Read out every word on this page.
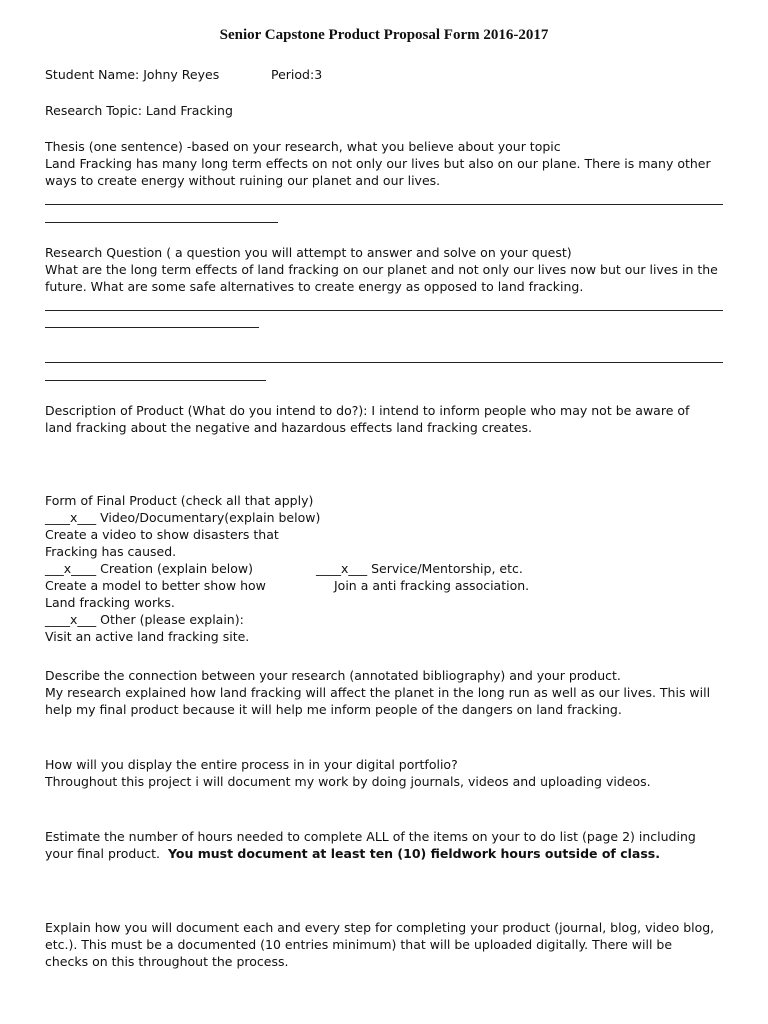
Senior Capstone Product Proposal Form 2016-2017
Student Name: Johny Reyes	Period:3
Research Topic: Land Fracking
Thesis (one sentence) -based on your research, what you believe about your topic
Land Fracking has many long term effects on not only our lives but also on our plane. There is many other
ways to create energy without ruining our planet and our lives.
Research Question ( a question you will attempt to answer and solve on your quest)
What are the long term effects of land fracking on our planet and not only our lives now but our lives in the
future. What are some safe alternatives to create energy as opposed to land fracking.
Description of Product (What do you intend to do?): I intend to inform people who may not be aware of
land fracking about the negative and hazardous effects land fracking creates.
Form of Final Product (check all that apply)
____x___ Video/Documentary(explain below)
Create a video to show disasters that
Fracking has caused.
___x____ Creation (explain below)
Create a model to better show how
Land fracking works.
____x___ Other (please explain):
Visit an active land fracking site.
____x___ Service/Mentorship, etc.
Join a anti fracking association.
Describe the connection between your research (annotated bibliography) and your product.
My research explained how land fracking will affect the planet in the long run as well as our lives. This will
help my final product because it will help me inform people of the dangers on land fracking.
How will you display the entire process in in your digital portfolio?
Throughout this project i will document my work by doing journals, videos and uploading videos.
Estimate the number of hours needed to complete ALL of the items on your to do list (page 2) including
your final product.  You must document at least ten (10) fieldwork hours outside of class.
Explain how you will document each and every step for completing your product (journal, blog, video blog,
etc.). This must be a documented (10 entries minimum) that will be uploaded digitally. There will be
checks on this throughout the process.
